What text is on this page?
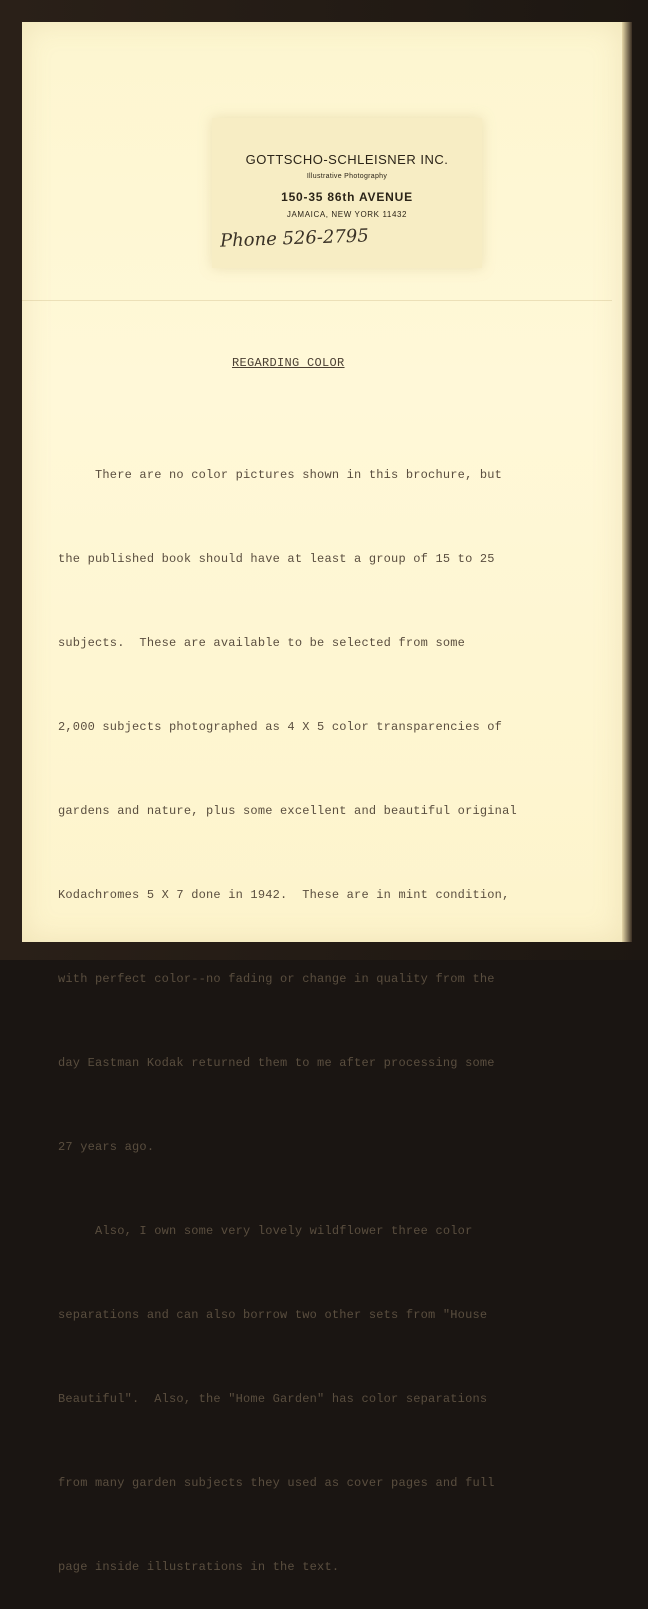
GOTTSCHO-SCHLEISNER INC.
Illustrative Photography
150-35 86th AVENUE
JAMAICA, NEW YORK 11432
Phone 526-2795
REGARDING COLOR

There are no color pictures shown in this brochure, but

the published book should have at least a group of 15 to 25

subjects.  These are available to be selected from some

2,000 subjects photographed as 4 X 5 color transparencies of

gardens and nature, plus some excellent and beautiful original

Kodachromes 5 X 7 done in 1942.  These are in mint condition,

with perfect color--no fading or change in quality from the

day Eastman Kodak returned them to me after processing some

27 years ago.

Also, I own some very lovely wildflower three color

separations and can also borrow two other sets from "House

Beautiful".  Also, the "Home Garden" has color separations

from many garden subjects they used as cover pages and full

page inside illustrations in the text.
